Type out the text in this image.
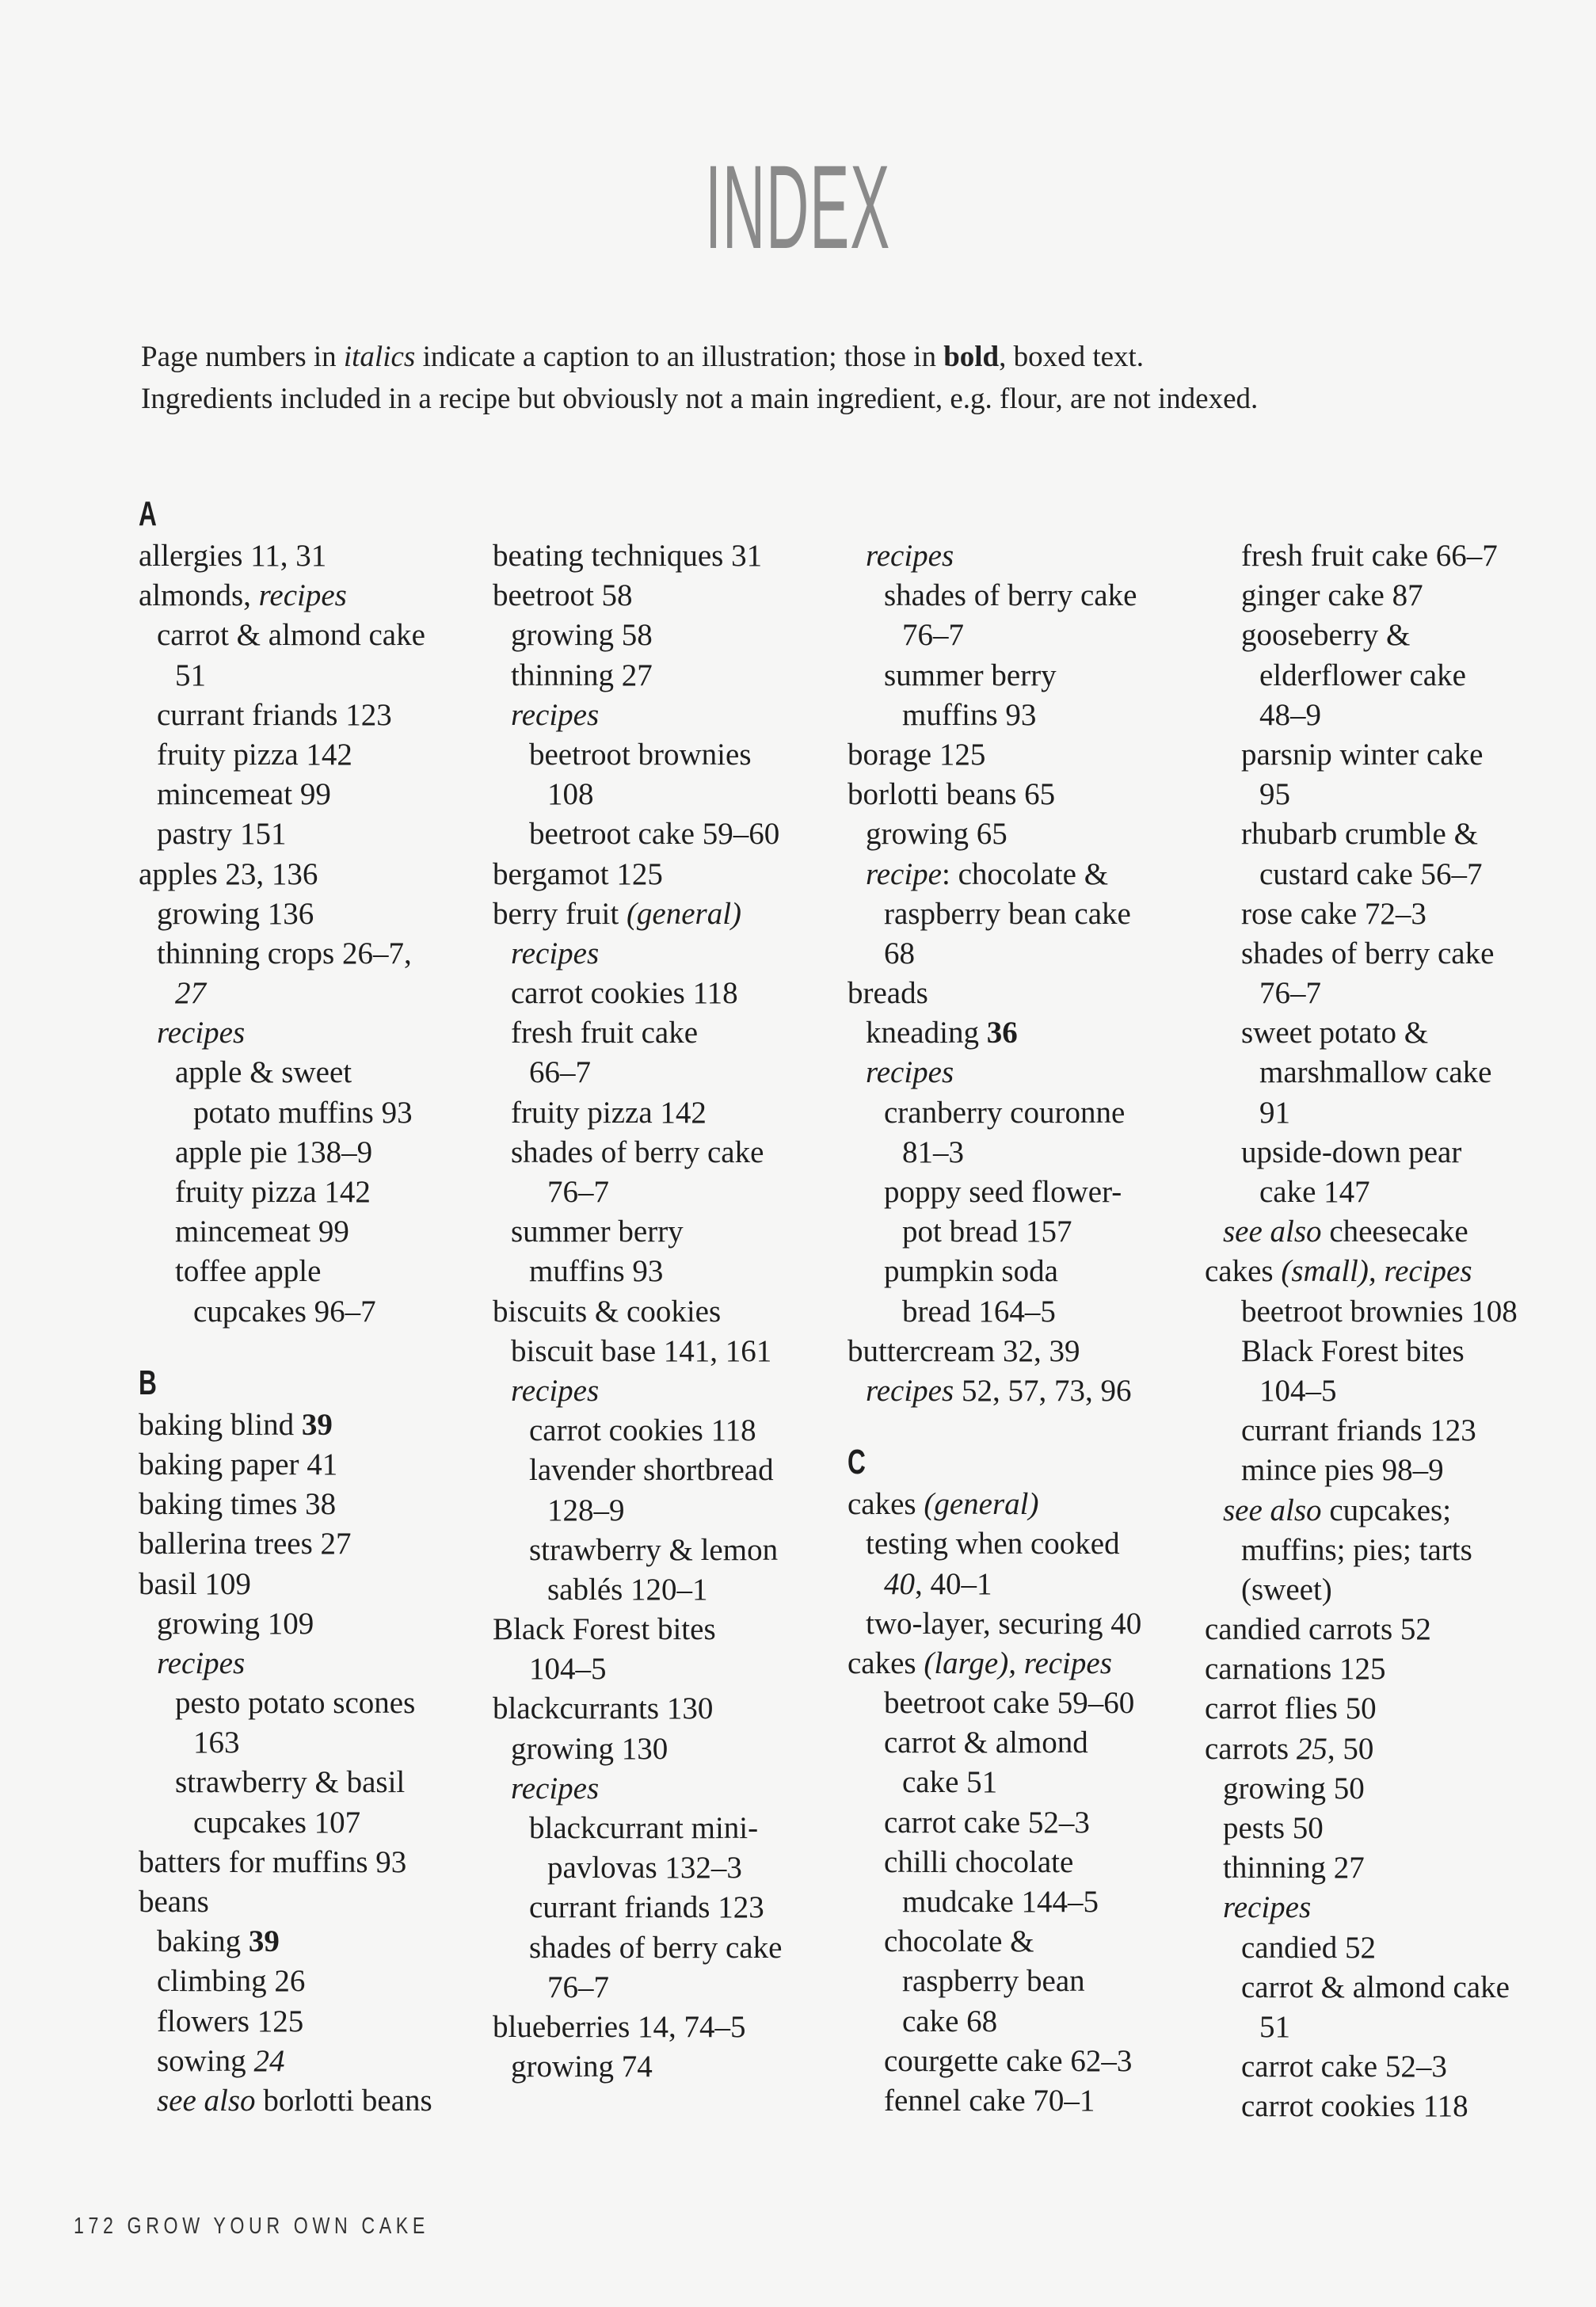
INDEX
Page numbers in italics indicate a caption to an illustration; those in bold, boxed text.
Ingredients included in a recipe but obviously not a main ingredient, e.g. flour, are not indexed.
A
allergies 11, 31
almonds, recipes
carrot & almond cake
51
currant friands 123
fruity pizza 142
mincemeat 99
pastry 151
apples 23, 136
growing 136
thinning crops 26–7,
27
recipes
apple & sweet
potato muffins 93
apple pie 138–9
fruity pizza 142
mincemeat 99
toffee apple
cupcakes 96–7
B
baking blind 39
baking paper 41
baking times 38
ballerina trees 27
basil 109
growing 109
recipes
pesto potato scones
163
strawberry & basil
cupcakes 107
batters for muffins 93
beans
baking 39
climbing 26
flowers 125
sowing 24
see also borlotti beans
beating techniques 31
beetroot 58
growing 58
thinning 27
recipes
beetroot brownies
108
beetroot cake 59–60
bergamot 125
berry fruit (general)
recipes
carrot cookies 118
fresh fruit cake
66–7
fruity pizza 142
shades of berry cake
76–7
summer berry
muffins 93
biscuits & cookies
biscuit base 141, 161
recipes
carrot cookies 118
lavender shortbread
128–9
strawberry & lemon
sablés 120–1
Black Forest bites
104–5
blackcurrants 130
growing 130
recipes
blackcurrant mini-
pavlovas 132–3
currant friands 123
shades of berry cake
76–7
blueberries 14, 74–5
growing 74
recipes
shades of berry cake
76–7
summer berry
muffins 93
borage 125
borlotti beans 65
growing 65
recipe: chocolate &
raspberry bean cake
68
breads
kneading 36
recipes
cranberry couronne
81–3
poppy seed flower-
pot bread 157
pumpkin soda
bread 164–5
buttercream 32, 39
recipes 52, 57, 73, 96
C
cakes (general)
testing when cooked
40, 40–1
two-layer, securing 40
cakes (large), recipes
beetroot cake 59–60
carrot & almond
cake 51
carrot cake 52–3
chilli chocolate
mudcake 144–5
chocolate &
raspberry bean
cake 68
courgette cake 62–3
fennel cake 70–1
fresh fruit cake 66–7
ginger cake 87
gooseberry &
elderflower cake
48–9
parsnip winter cake
95
rhubarb crumble &
custard cake 56–7
rose cake 72–3
shades of berry cake
76–7
sweet potato &
marshmallow cake
91
upside-down pear
cake 147
see also cheesecake
cakes (small), recipes
beetroot brownies 108
Black Forest bites
104–5
currant friands 123
mince pies 98–9
see also cupcakes;
muffins; pies; tarts
(sweet)
candied carrots 52
carnations 125
carrot flies 50
carrots 25, 50
growing 50
pests 50
thinning 27
recipes
candied 52
carrot & almond cake
51
carrot cake 52–3
carrot cookies 118
172 GROW YOUR OWN CAKE
